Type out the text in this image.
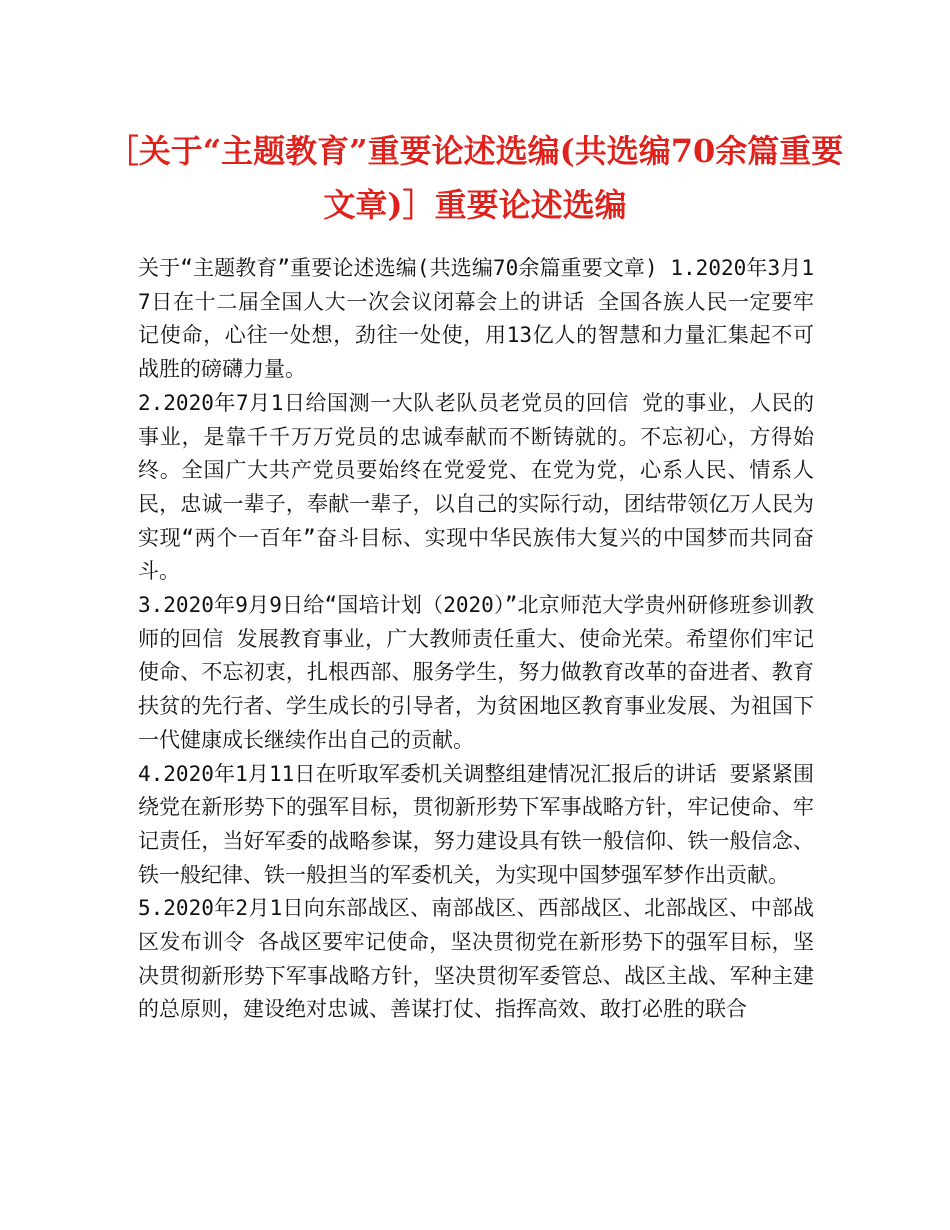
［关于“主题教育”重要论述选编(共选编70余篇重要文章)］重要论述选编

关于“主题教育”重要论述选编(共选编70余篇重要文章) 1.2020年3月17日在十二届全国人大一次会议闭幕会上的讲话 全国各族人民一定要牢记使命，心往一处想，劲往一处使，用13亿人的智慧和力量汇集起不可战胜的磅礴力量。

2.2020年7月1日给国测一大队老队员老党员的回信 党的事业，人民的事业，是靠千千万万党员的忠诚奉献而不断铸就的。不忘初心，方得始终。全国广大共产党员要始终在党爱党、在党为党，心系人民、情系人民，忠诚一辈子，奉献一辈子，以自己的实际行动，团结带领亿万人民为实现“两个一百年”奋斗目标、实现中华民族伟大复兴的中国梦而共同奋斗。

3.2020年9月9日给“国培计划（2020）”北京师范大学贵州研修班参训教师的回信 发展教育事业，广大教师责任重大、使命光荣。希望你们牢记使命、不忘初衷，扎根西部、服务学生，努力做教育改革的奋进者、教育扶贫的先行者、学生成长的引导者，为贫困地区教育事业发展、为祖国下一代健康成长继续作出自己的贡献。

4.2020年1月11日在听取军委机关调整组建情况汇报后的讲话 要紧紧围绕党在新形势下的强军目标，贯彻新形势下军事战略方针，牢记使命、牢记责任，当好军委的战略参谋，努力建设具有铁一般信仰、铁一般信念、铁一般纪律、铁一般担当的军委机关，为实现中国梦强军梦作出贡献。

5.2020年2月1日向东部战区、南部战区、西部战区、北部战区、中部战区发布训令 各战区要牢记使命，坚决贯彻党在新形势下的强军目标，坚决贯彻新形势下军事战略方针，坚决贯彻军委管总、战区主战、军种主建的总原则，建设绝对忠诚、善谋打仗、指挥高效、敢打必胜的联合
